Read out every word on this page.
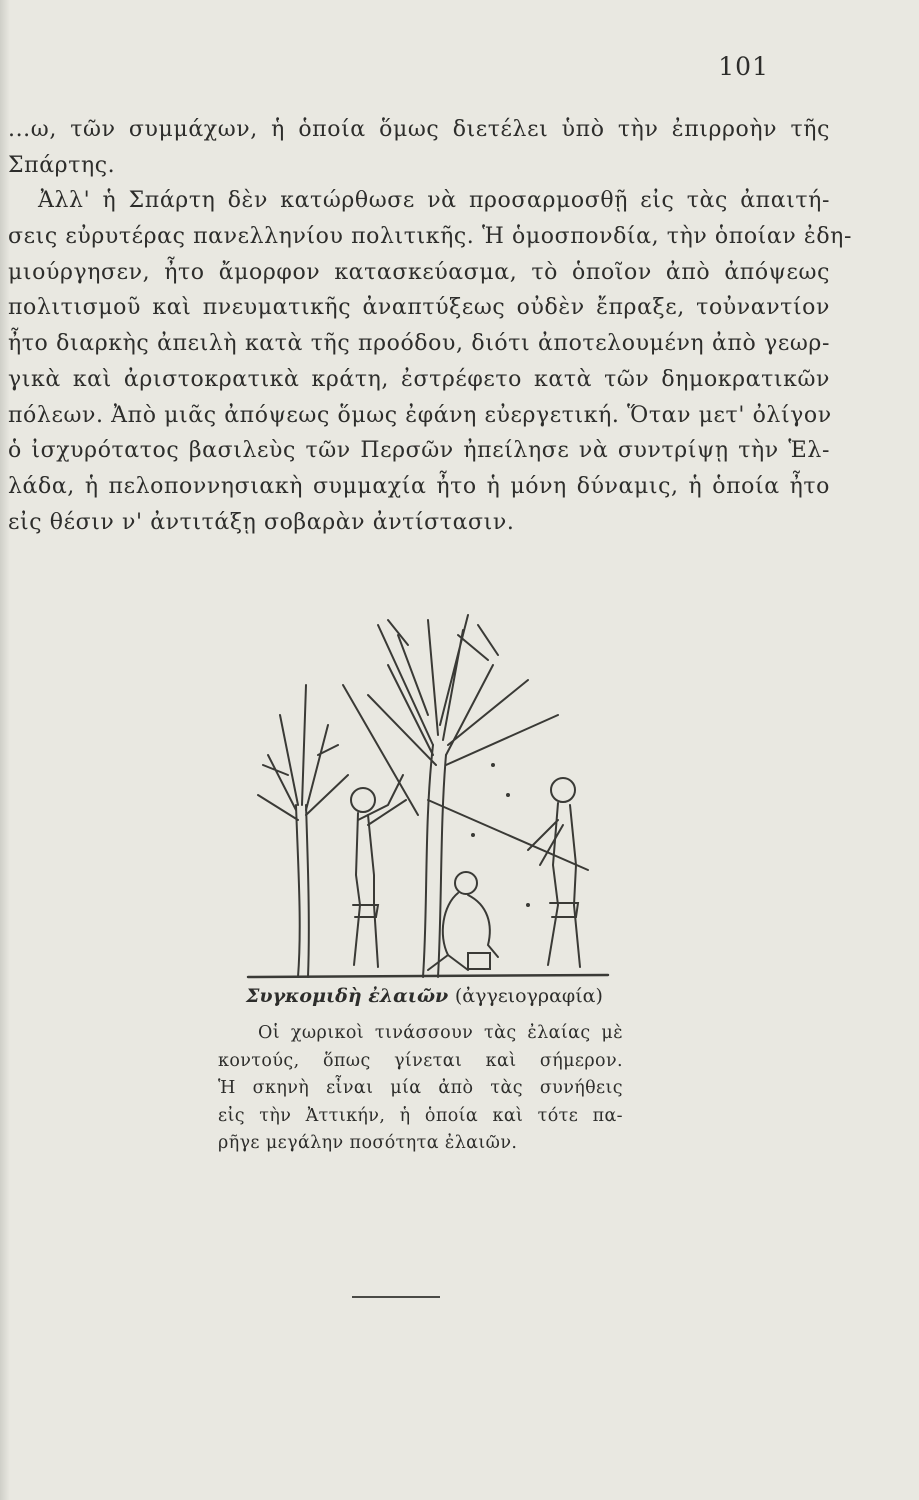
101
...ω, τῶν συμμάχων, ἡ ὁποία ὅμως διετέλει ὑπὸ τὴν ἐπιρροὴν τῆς
Σπάρτης.
Ἀλλ' ἡ Σπάρτη δὲν κατώρθωσε νὰ προσαρμοσθῇ εἰς τὰς ἀπαιτή-
σεις εὐρυτέρας πανελληνίου πολιτικῆς. Ἡ ὁμοσπονδία, τὴν ὁποίαν ἐδη-
μιούργησεν, ἦτο ἄμορφον κατασκεύασμα, τὸ ὁποῖον ἀπὸ ἀπόψεως
πολιτισμοῦ καὶ πνευματικῆς ἀναπτύξεως οὐδὲν ἔπραξε, τοὐναντίον
ἦτο διαρκὴς ἀπειλὴ κατὰ τῆς προόδου, διότι ἀποτελουμένη ἀπὸ γεωρ-
γικὰ καὶ ἀριστοκρατικὰ κράτη, ἐστρέφετο κατὰ τῶν δημοκρατικῶν
πόλεων. Ἀπὸ μιᾶς ἀπόψεως ὅμως ἐφάνη εὐεργετική. Ὅταν μετ' ὀλίγον
ὁ ἰσχυρότατος βασιλεὺς τῶν Περσῶν ἠπείλησε νὰ συντρίψῃ τὴν Ἑλ-
λάδα, ἡ πελοποννησιακὴ συμμαχία ἦτο ἡ μόνη δύναμις, ἡ ὁποία ἦτο
εἰς θέσιν ν' ἀντιτάξῃ σοβαρὰν ἀντίστασιν.
Συγκομιδὴ ἐλαιῶν (ἀγγειογραφία)
Οἱ χωρικοὶ τινάσσουν τὰς ἐλαίας μὲ
κοντούς, ὅπως γίνεται καὶ σήμερον.
Ἡ σκηνὴ εἶναι μία ἀπὸ τὰς συνήθεις
εἰς τὴν Ἀττικήν, ἡ ὁποία καὶ τότε πα-
ρῆγε μεγάλην ποσότητα ἐλαιῶν.
